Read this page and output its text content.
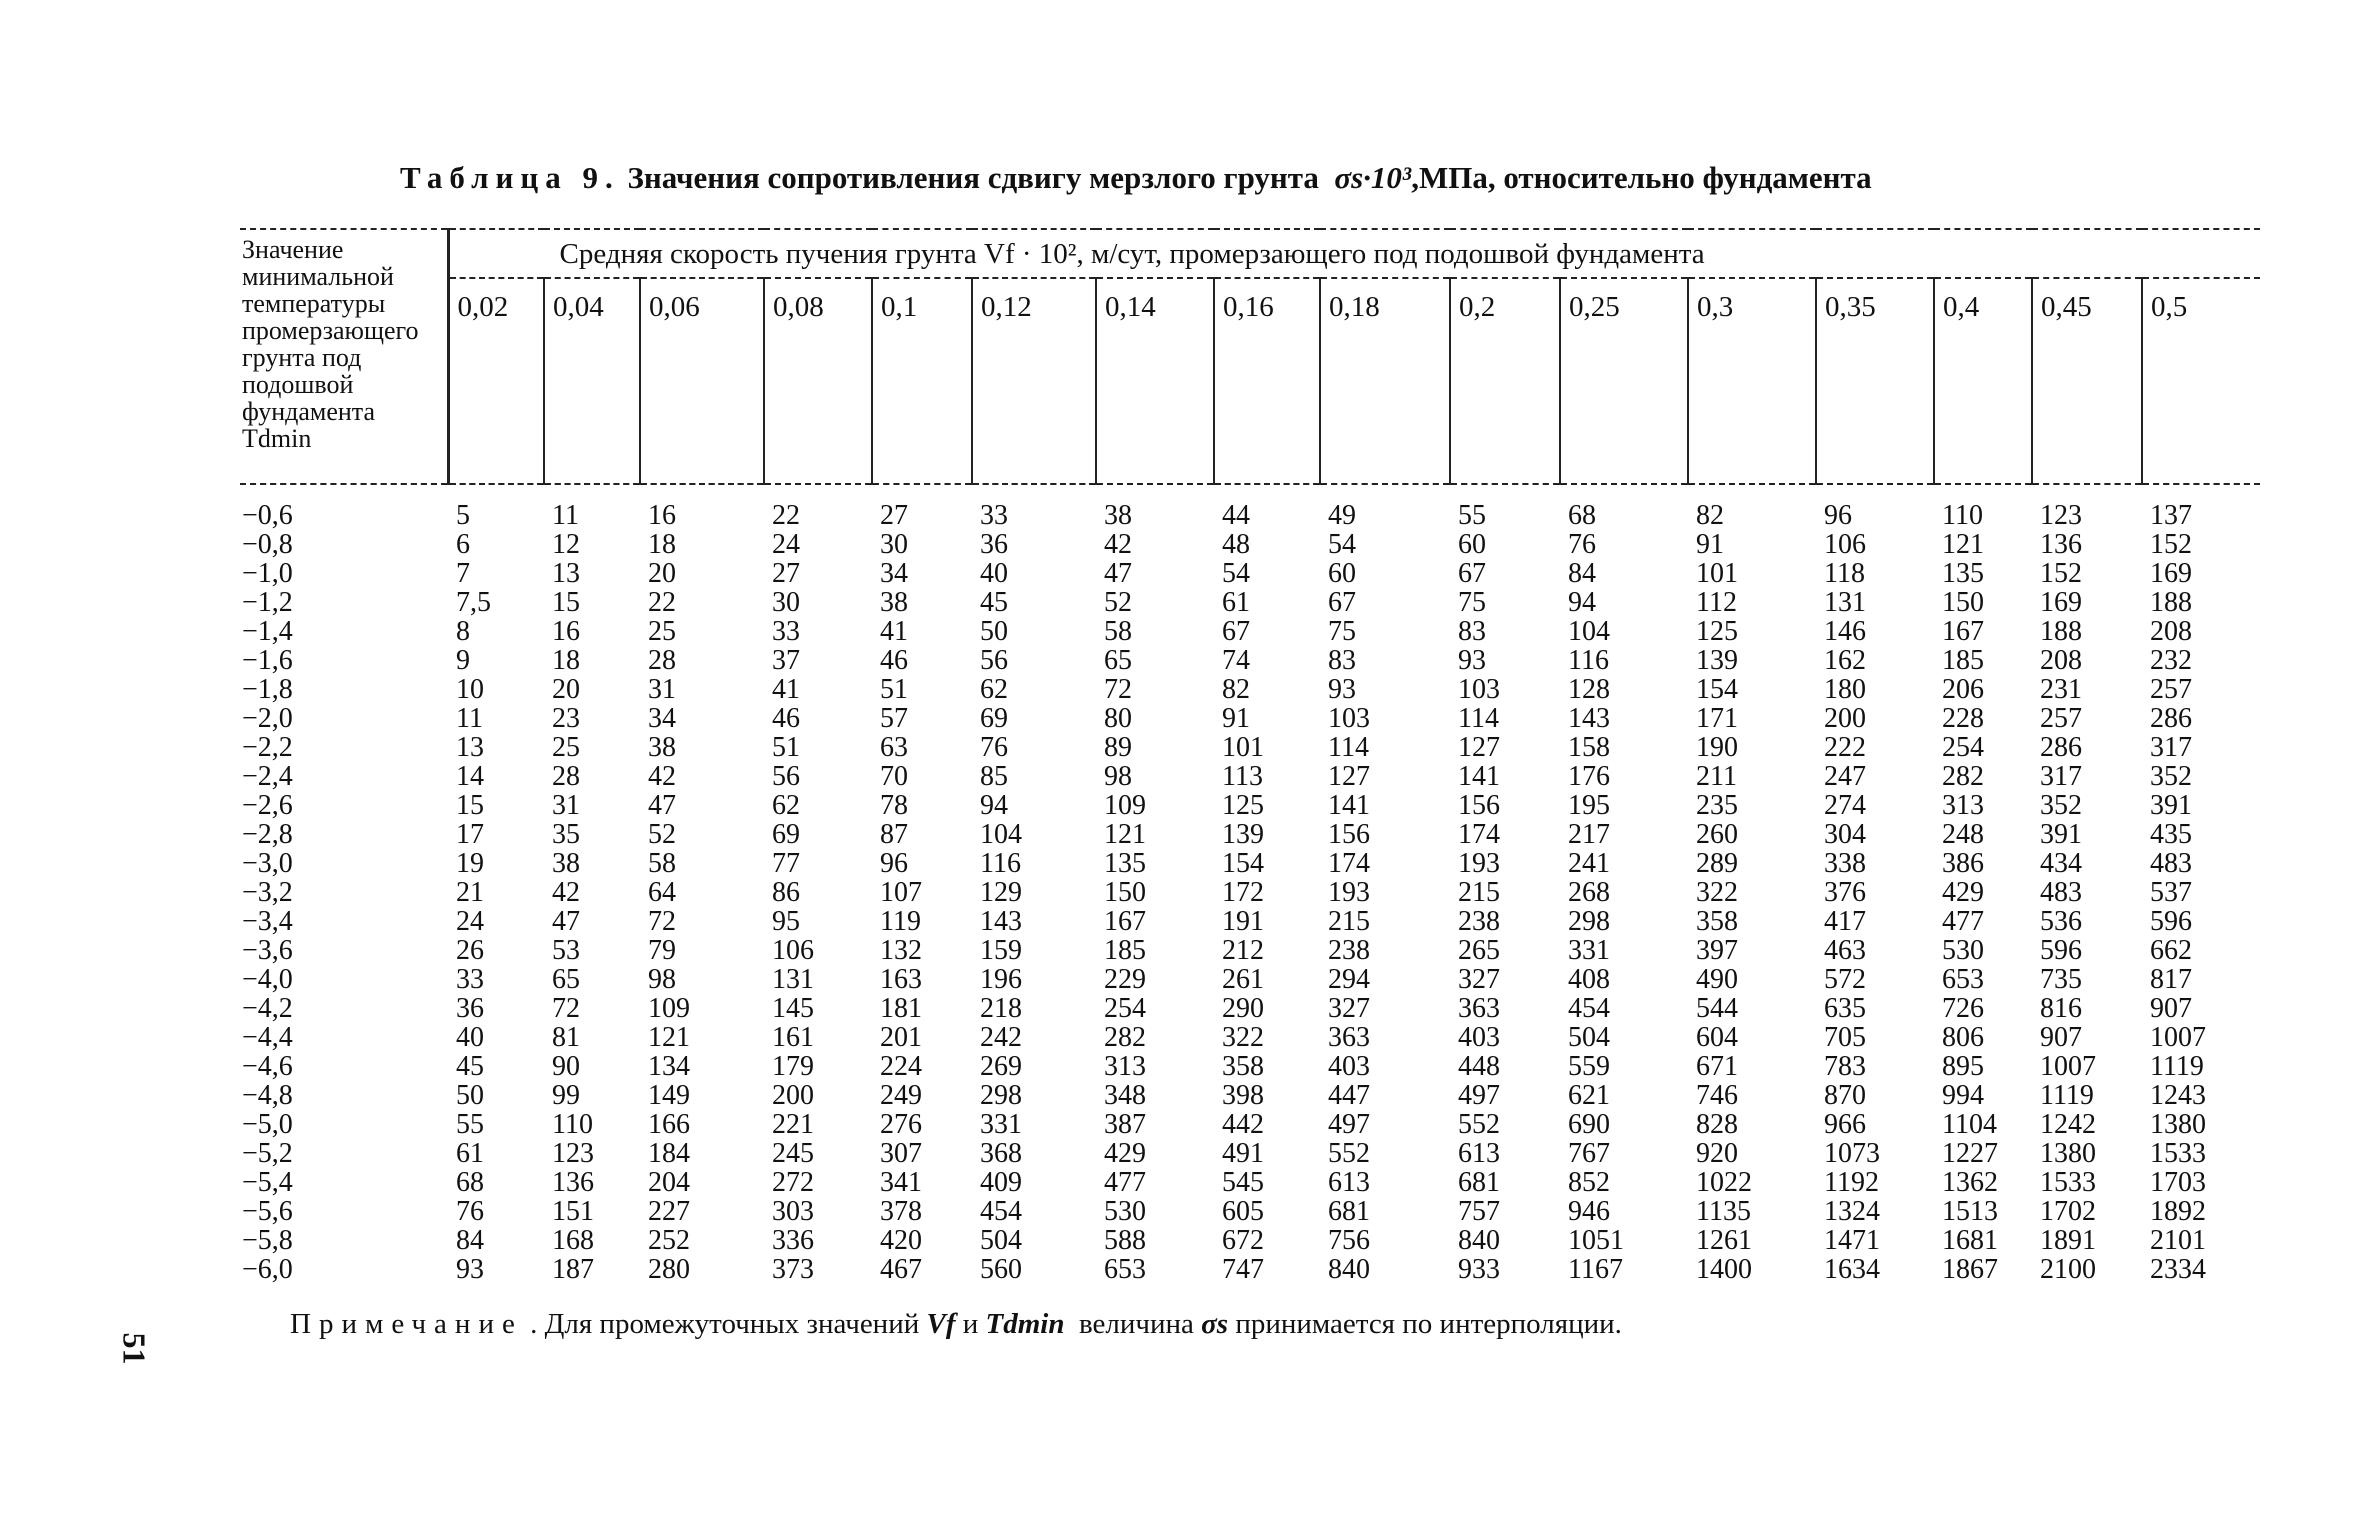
Таблица 9. Значения сопротивления сдвигу мерзлого грунта σs·10³,МПа, относительно фундамента
Значение минимальной температуры промерзающего грунта под подошвой фундамента Tdmin	Средняя скорость пучения грунта Vf · 10², м/сут, промерзающего под подошвой фундамента															
	0,02	0,04	0,06	0,08	0,1	0,12	0,14	0,16	0,18	0,2	0,25	0,3	0,35	0,4	0,45	0,5
−0,6	5	11	16	22	27	33	38	44	49	55	68	82	96	110	123	137
−0,8	6	12	18	24	30	36	42	48	54	60	76	91	106	121	136	152
−1,0	7	13	20	27	34	40	47	54	60	67	84	101	118	135	152	169
−1,2	7,5	15	22	30	38	45	52	61	67	75	94	112	131	150	169	188
−1,4	8	16	25	33	41	50	58	67	75	83	104	125	146	167	188	208
−1,6	9	18	28	37	46	56	65	74	83	93	116	139	162	185	208	232
−1,8	10	20	31	41	51	62	72	82	93	103	128	154	180	206	231	257
−2,0	11	23	34	46	57	69	80	91	103	114	143	171	200	228	257	286
−2,2	13	25	38	51	63	76	89	101	114	127	158	190	222	254	286	317
−2,4	14	28	42	56	70	85	98	113	127	141	176	211	247	282	317	352
−2,6	15	31	47	62	78	94	109	125	141	156	195	235	274	313	352	391
−2,8	17	35	52	69	87	104	121	139	156	174	217	260	304	248	391	435
−3,0	19	38	58	77	96	116	135	154	174	193	241	289	338	386	434	483
−3,2	21	42	64	86	107	129	150	172	193	215	268	322	376	429	483	537
−3,4	24	47	72	95	119	143	167	191	215	238	298	358	417	477	536	596
−3,6	26	53	79	106	132	159	185	212	238	265	331	397	463	530	596	662
−4,0	33	65	98	131	163	196	229	261	294	327	408	490	572	653	735	817
−4,2	36	72	109	145	181	218	254	290	327	363	454	544	635	726	816	907
−4,4	40	81	121	161	201	242	282	322	363	403	504	604	705	806	907	1007
−4,6	45	90	134	179	224	269	313	358	403	448	559	671	783	895	1007	1119
−4,8	50	99	149	200	249	298	348	398	447	497	621	746	870	994	1119	1243
−5,0	55	110	166	221	276	331	387	442	497	552	690	828	966	1104	1242	1380
−5,2	61	123	184	245	307	368	429	491	552	613	767	920	1073	1227	1380	1533
−5,4	68	136	204	272	341	409	477	545	613	681	852	1022	1192	1362	1533	1703
−5,6	76	151	227	303	378	454	530	605	681	757	946	1135	1324	1513	1702	1892
−5,8	84	168	252	336	420	504	588	672	756	840	1051	1261	1471	1681	1891	2101
−6,0	93	187	280	373	467	560	653	747	840	933	1167	1400	1634	1867	2100	2334
Примечание . Для промежуточных значений Vf и Tdmin величина σs принимается по интерполяции.
51
